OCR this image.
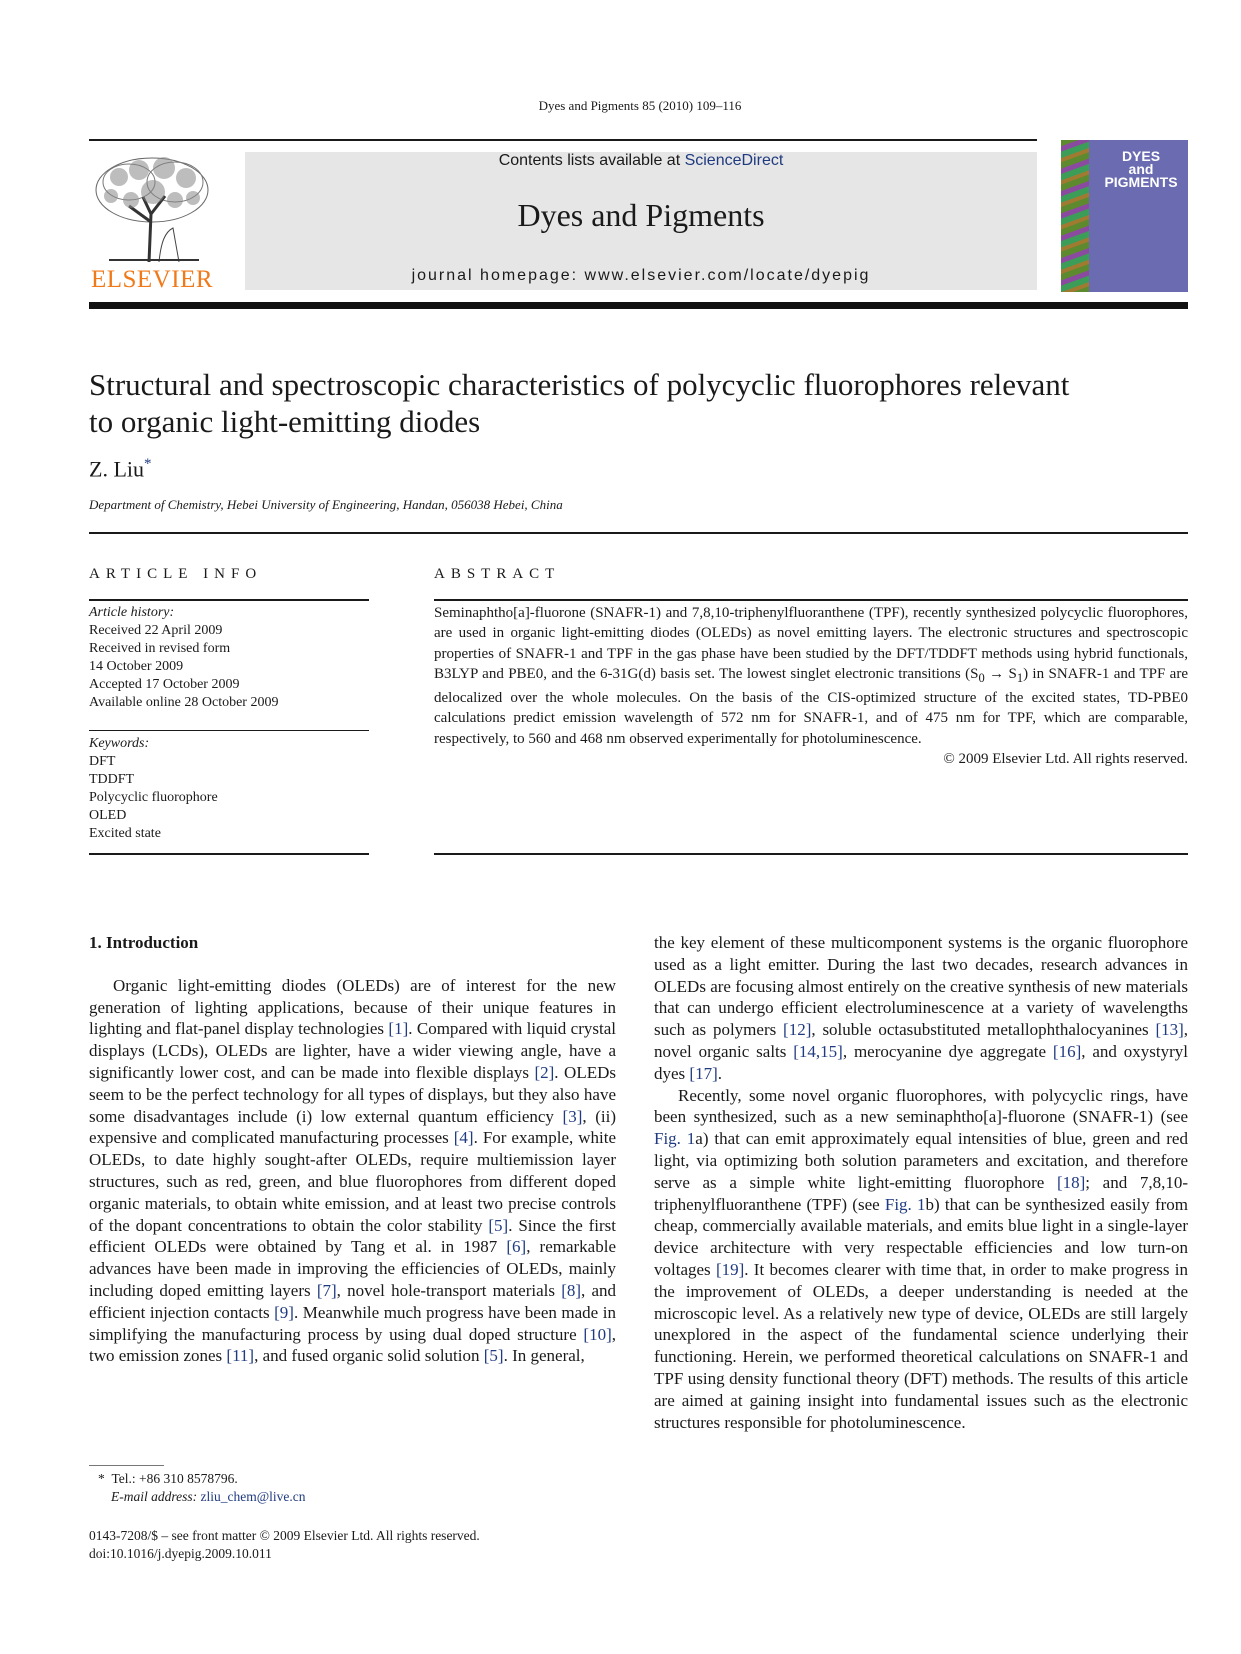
Dyes and Pigments 85 (2010) 109–116
ELSEVIER
Contents lists available at ScienceDirect
Dyes and Pigments
journal homepage: www.elsevier.com/locate/dyepig
DYES
and
PIGMENTS
Structural and spectroscopic characteristics of polycyclic fluorophores relevant to organic light-emitting diodes
Z. Liu*
Department of Chemistry, Hebei University of Engineering, Handan, 056038 Hebei, China
ARTICLE INFO
Article history:
Received 22 April 2009
Received in revised form
14 October 2009
Accepted 17 October 2009
Available online 28 October 2009
Keywords:
DFT
TDDFT
Polycyclic fluorophore
OLED
Excited state
ABSTRACT
Seminaphtho[a]-fluorone (SNAFR-1) and 7,8,10-triphenylfluoranthene (TPF), recently synthesized polycyclic fluorophores, are used in organic light-emitting diodes (OLEDs) as novel emitting layers. The electronic structures and spectroscopic properties of SNAFR-1 and TPF in the gas phase have been studied by the DFT/TDDFT methods using hybrid functionals, B3LYP and PBE0, and the 6-31G(d) basis set. The lowest singlet electronic transitions $(S_0 \to S_1)$ in SNAFR-1 and TPF are delocalized over the whole molecules. On the basis of the CIS-optimized structure of the excited states, TD-PBE0 calculations predict emission wavelength of 572 nm for SNAFR-1, and of 475 nm for TPF, which are comparable, respectively, to 560 and 468 nm observed experimentally for photoluminescence.
© 2009 Elsevier Ltd. All rights reserved.
1. Introduction

Organic light-emitting diodes (OLEDs) are of interest for the new generation of lighting applications, because of their unique features in lighting and flat-panel display technologies [1]. Compared with liquid crystal displays (LCDs), OLEDs are lighter, have a wider viewing angle, have a significantly lower cost, and can be made into flexible displays [2]. OLEDs seem to be the perfect technology for all types of displays, but they also have some disadvantages include (i) low external quantum efficiency [3], (ii) expensive and complicated manufacturing processes [4]. For example, white OLEDs, to date highly sought-after OLEDs, require multiemission layer structures, such as red, green, and blue fluorophores from different doped organic materials, to obtain white emission, and at least two precise controls of the dopant concentrations to obtain the color stability [5]. Since the first efficient OLEDs were obtained by Tang et al. in 1987 [6], remarkable advances have been made in improving the efficiencies of OLEDs, mainly including doped emitting layers [7], novel hole-transport materials [8], and efficient injection contacts [9]. Meanwhile much progress have been made in simplifying the manufacturing process by using dual doped structure [10], two emission zones [11], and fused organic solid solution [5]. In general,

the key element of these multicomponent systems is the organic fluorophore used as a light emitter. During the last two decades, research advances in OLEDs are focusing almost entirely on the creative synthesis of new materials that can undergo efficient electroluminescence at a variety of wavelengths such as polymers [12], soluble octasubstituted metallophthalocyanines [13], novel organic salts [14,15], merocyanine dye aggregate [16], and oxystyryl dyes [17].

Recently, some novel organic fluorophores, with polycyclic rings, have been synthesized, such as a new seminaphtho[a]-fluorone (SNAFR-1) (see Fig. 1a) that can emit approximately equal intensities of blue, green and red light, via optimizing both solution parameters and excitation, and therefore serve as a simple white light-emitting fluorophore [18]; and 7,8,10-triphenylfluoranthene (TPF) (see Fig. 1b) that can be synthesized easily from cheap, commercially available materials, and emits blue light in a single-layer device architecture with very respectable efficiencies and low turn-on voltages [19]. It becomes clearer with time that, in order to make progress in the improvement of OLEDs, a deeper understanding is needed at the microscopic level. As a relatively new type of device, OLEDs are still largely unexplored in the aspect of the fundamental science underlying their functioning. Herein, we performed theoretical calculations on SNAFR-1 and TPF using density functional theory (DFT) methods. The results of this article are aimed at gaining insight into fundamental issues such as the electronic structures responsible for photoluminescence.

* Tel.: +86 310 8578796.
E-mail address: zliu_chem@live.cn
0143-7208/$ – see front matter © 2009 Elsevier Ltd. All rights reserved.
doi:10.1016/j.dyepig.2009.10.011
